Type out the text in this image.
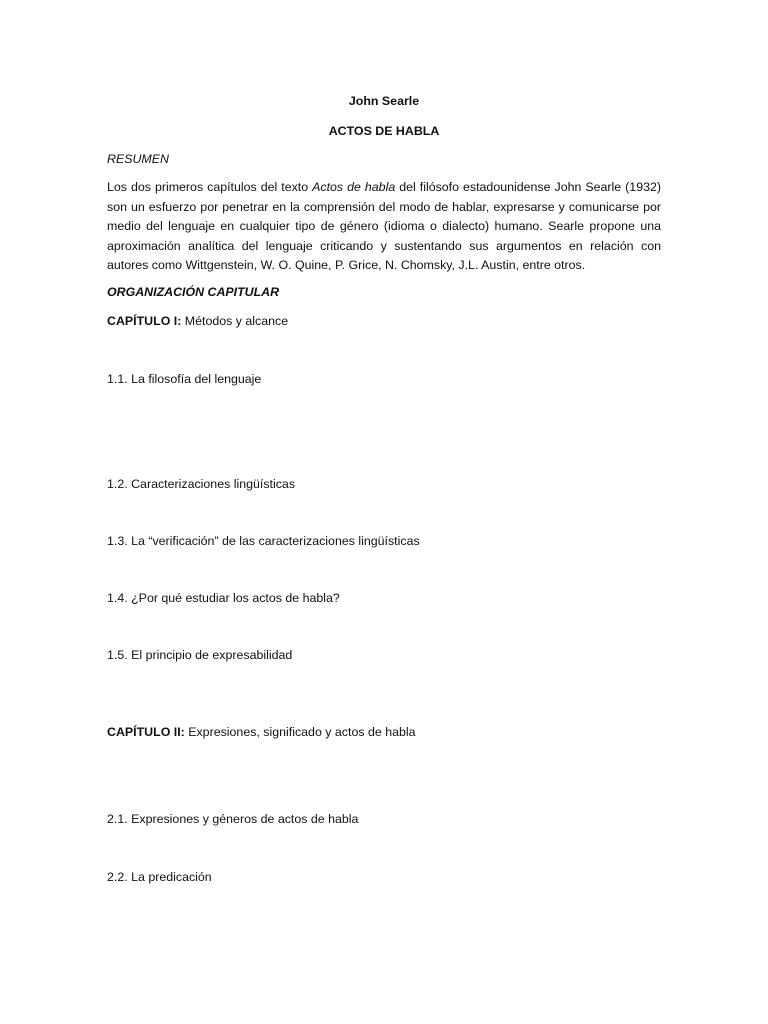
John Searle
ACTOS DE HABLA
RESUMEN

Los dos primeros capítulos del texto Actos de habla del filósofo estadounidense John Searle (1932) son un esfuerzo por penetrar en la comprensión del modo de hablar, expresarse y comunicarse por medio del lenguaje en cualquier tipo de género (idioma o dialecto) humano. Searle propone una aproximación analítica del lenguaje criticando y sustentando sus argumentos en relación con autores como Wittgenstein, W. O. Quine, P. Grice, N. Chomsky, J.L. Austin, entre otros.

ORGANIZACIÓN CAPITULAR
CAPÍTULO I: Métodos y alcance
1.1. La filosofía del lenguaje
1.2. Caracterizaciones lingüísticas
1.3. La “verificación” de las caracterizaciones lingüísticas
1.4. ¿Por qué estudiar los actos de habla?
1.5. El principio de expresabilidad
CAPÍTULO II: Expresiones, significado y actos de habla
2.1. Expresiones y géneros de actos de habla
2.2. La predicación
